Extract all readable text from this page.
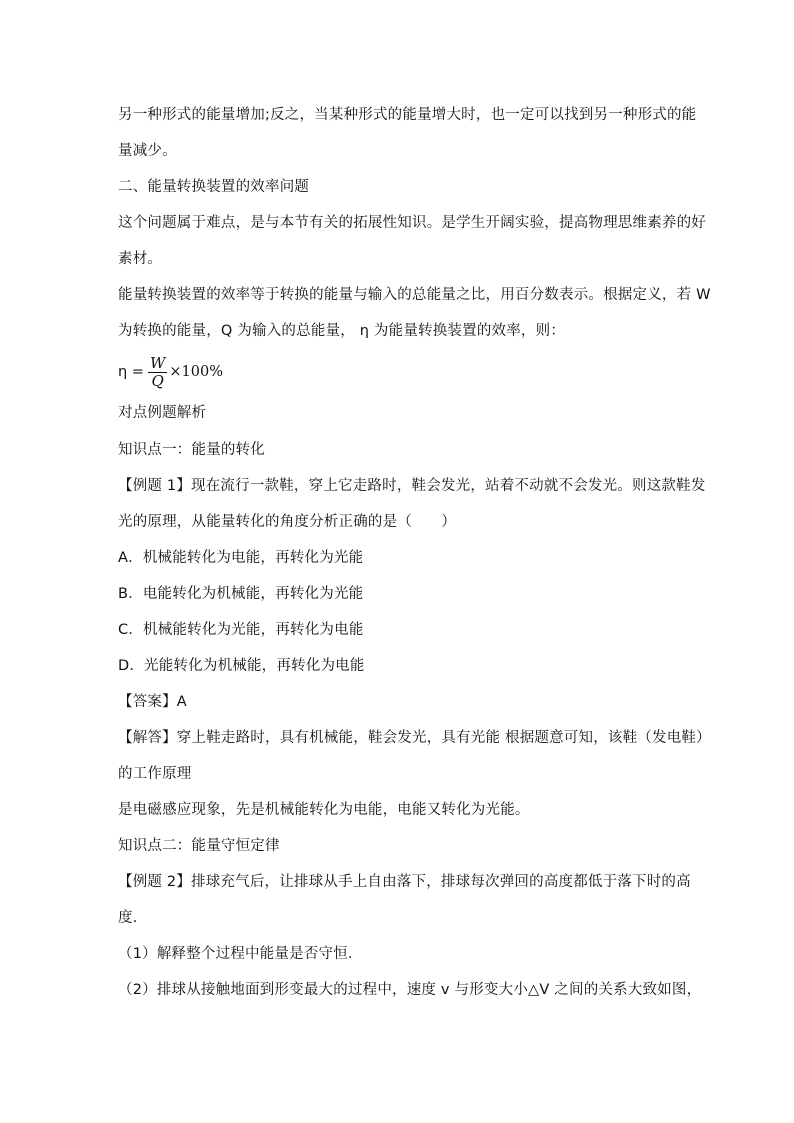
另一种形式的能量增加;反之，当某种形式的能量增大时，也一定可以找到另一种形式的能
量减少。
二、能量转换装置的效率问题
这个问题属于难点，是与本节有关的拓展性知识。是学生开阔实验，提高物理思维素养的好
素材。
能量转换装置的效率等于转换的能量与输入的总能量之比，用百分数表示。根据定义，若 W
为转换的能量，Q 为输入的总能量， η 为能量转换装置的效率，则：
$\eta = \frac{W}{Q} \times 100\%$
对点例题解析
知识点一：能量的转化
【例题 1】现在流行一款鞋，穿上它走路时，鞋会发光，站着不动就不会发光。则这款鞋发
光的原理，从能量转化的角度分析正确的是（　　）
A．机械能转化为电能，再转化为光能
B．电能转化为机械能，再转化为光能
C．机械能转化为光能，再转化为电能
D．光能转化为机械能，再转化为电能
【答案】A
【解答】穿上鞋走路时，具有机械能，鞋会发光，具有光能 根据题意可知，该鞋（发电鞋）
的工作原理
是电磁感应现象，先是机械能转化为电能，电能又转化为光能。
知识点二：能量守恒定律
【例题 2】排球充气后，让排球从手上自由落下，排球每次弹回的高度都低于落下时的高
度．
（1）解释整个过程中能量是否守恒．
（2）排球从接触地面到形变最大的过程中，速度 v 与形变大小△V 之间的关系大致如图，
